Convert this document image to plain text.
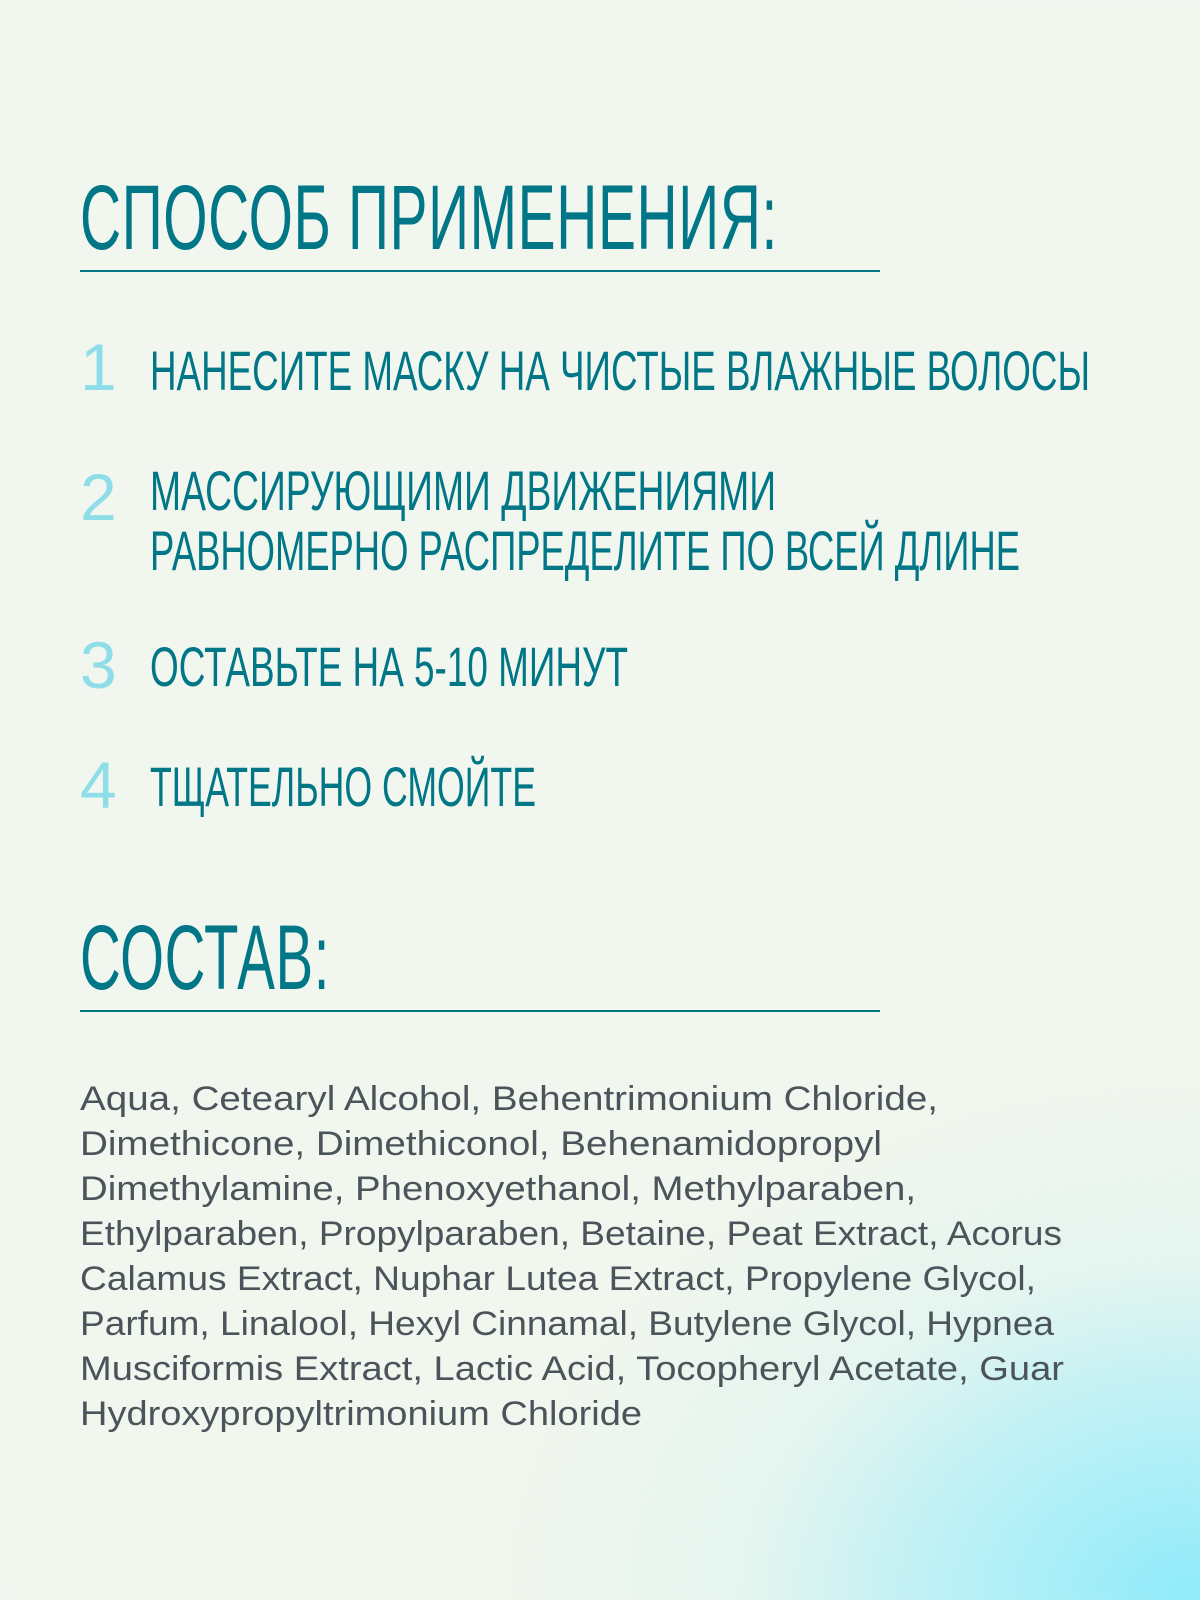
СПОСОБ ПРИМЕНЕНИЯ:
1 НАНЕСИТЕ МАСКУ НА ЧИСТЫЕ ВЛАЖНЫЕ ВОЛОСЫ
2 МАССИРУЮЩИМИ ДВИЖЕНИЯМИ
РАВНОМЕРНО РАСПРЕДЕЛИТЕ ПО ВСЕЙ ДЛИНЕ
3 ОСТАВЬТЕ НА 5-10 МИНУТ
4 ТЩАТЕЛЬНО СМОЙТЕ
СОСТАВ:
Aqua, Cetearyl Alcohol, Behentrimonium Chloride,
Dimethicone, Dimethiconol, Behenamidopropyl
Dimethylamine, Phenoxyethanol, Methylparaben,
Ethylparaben, Propylparaben, Betaine, Peat Extract, Acorus
Calamus Extract, Nuphar Lutea Extract, Propylene Glycol,
Parfum, Linalool, Hexyl Cinnamal, Butylene Glycol, Hypnea
Musciformis Extract, Lactic Acid, Tocopheryl Acetate, Guar
Hydroxypropyltrimonium Chloride
